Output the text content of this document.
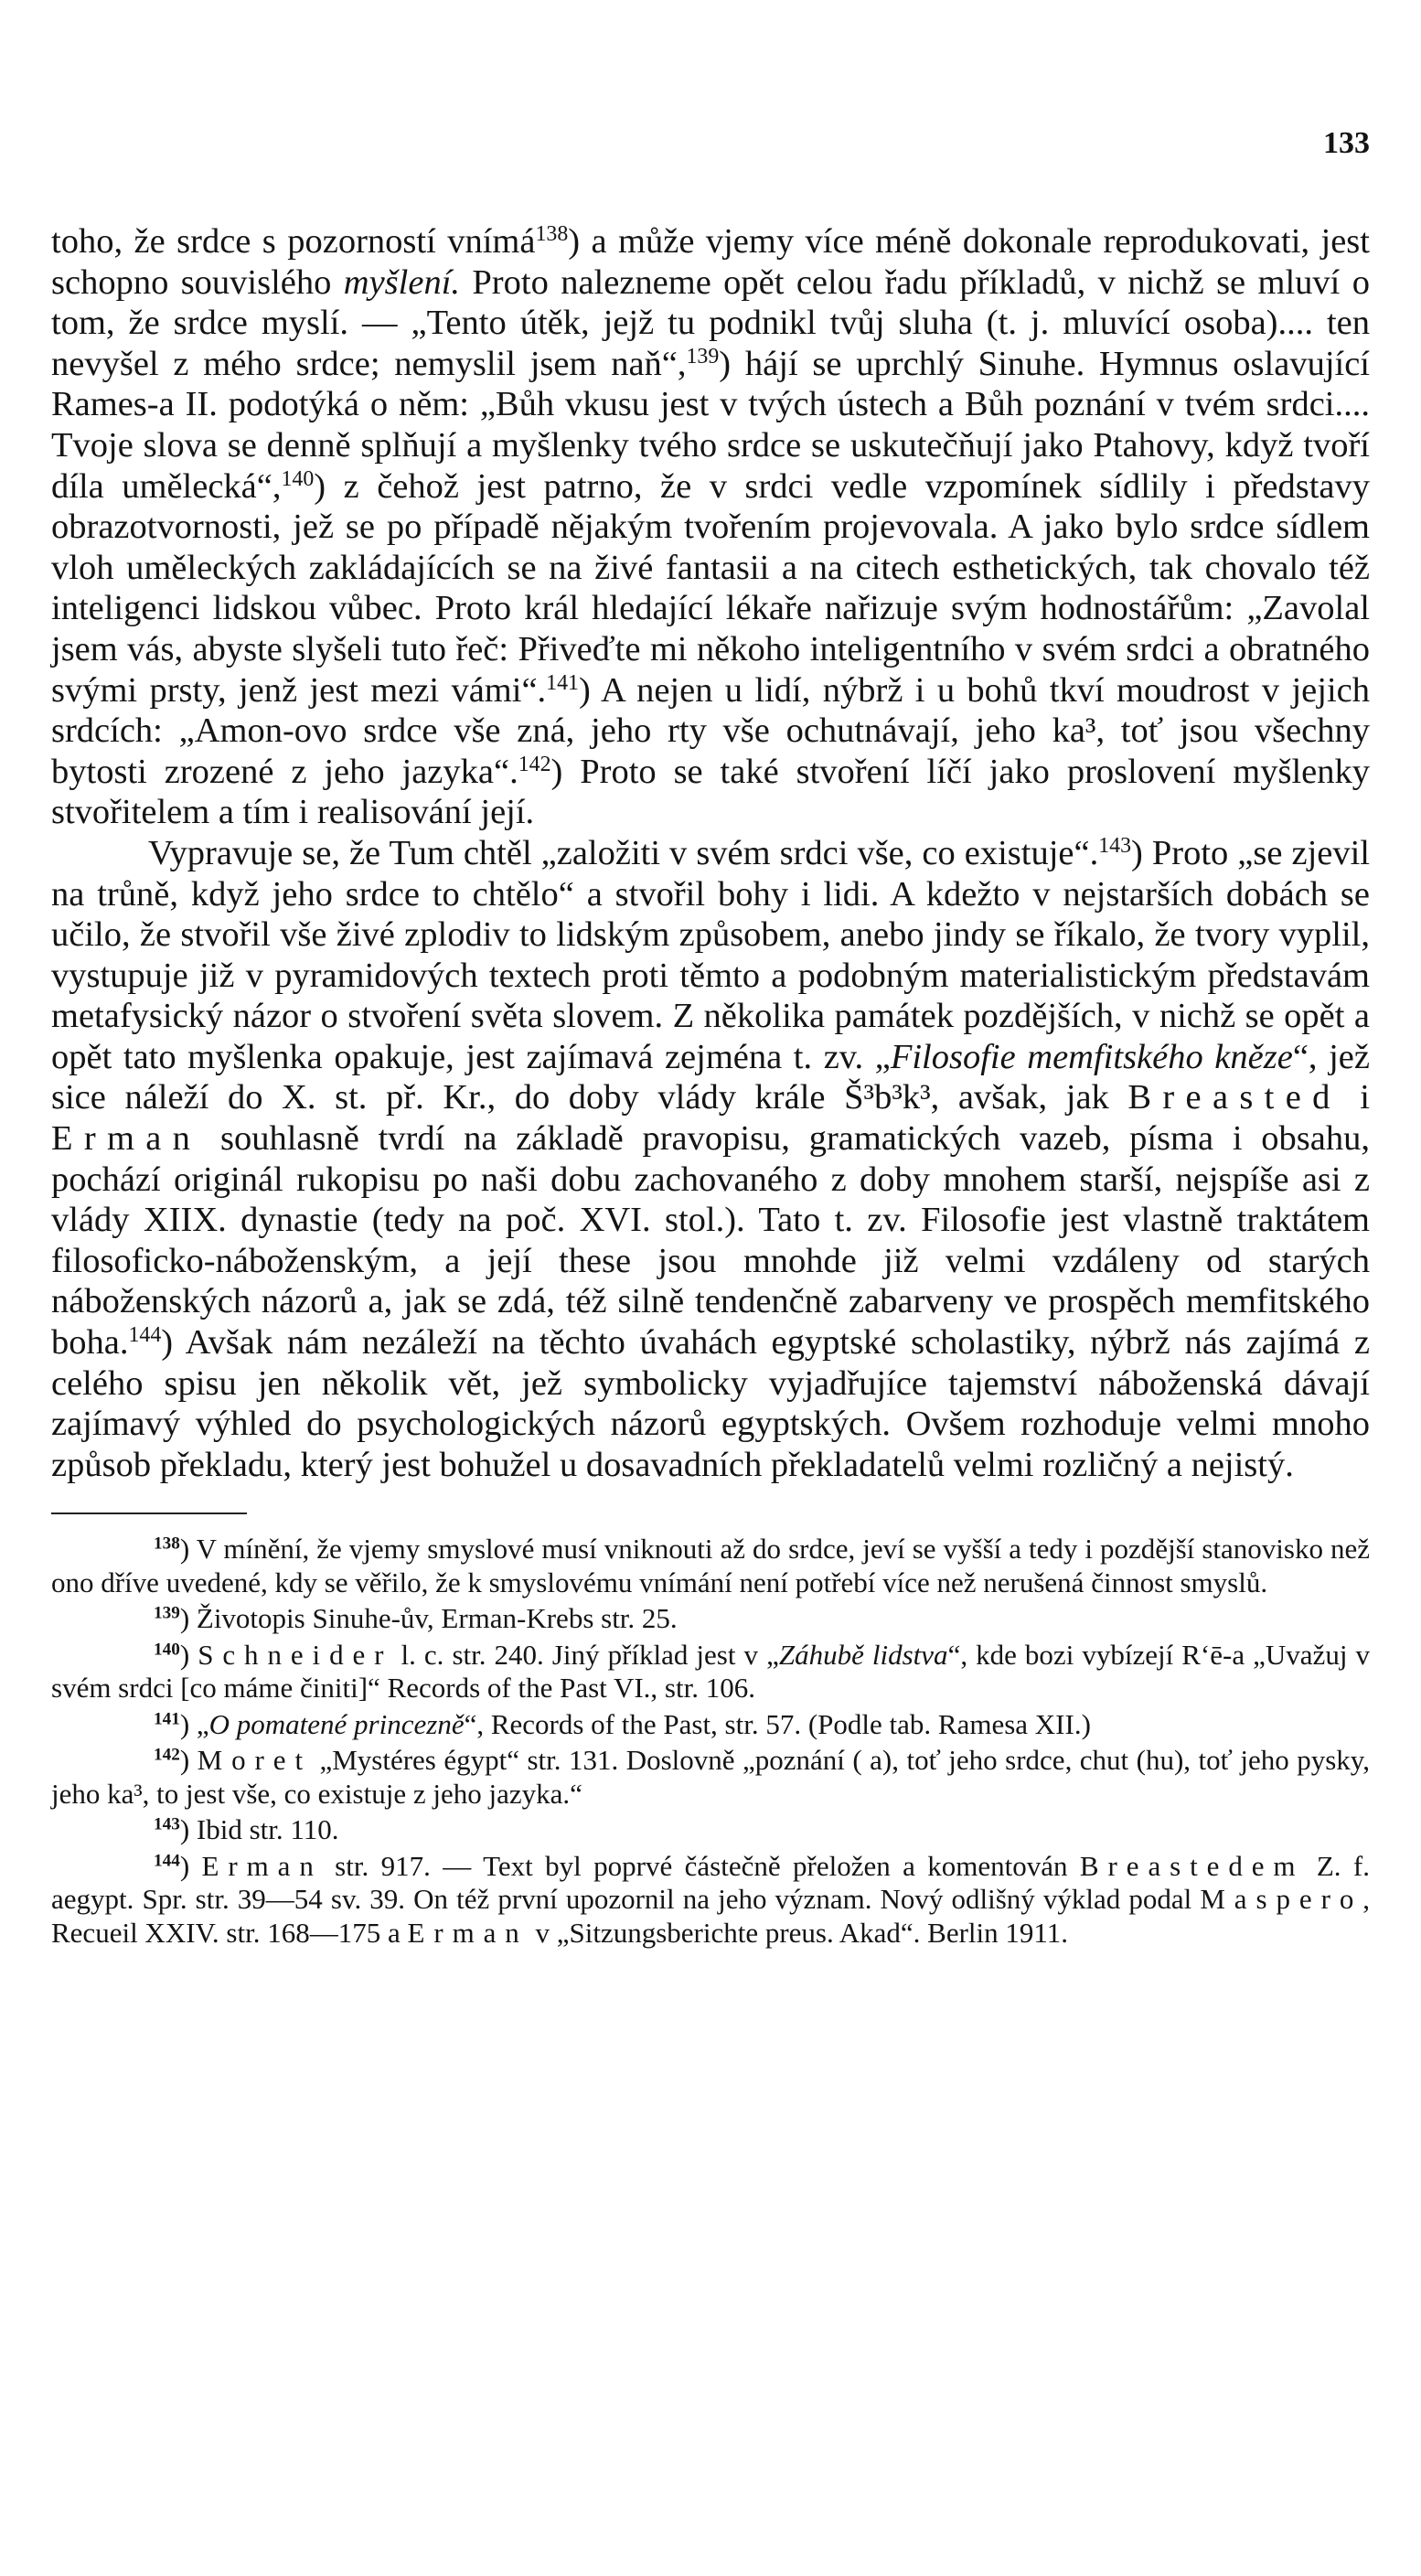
133

toho, že srdce s pozorností vnímá$^{138}$) a může vjemy více méně dokonale reprodukovati, jest schopno souvislého myšlení. Proto nalezneme opět celou řadu příkladů, v nichž se mluví o tom, že srdce myslí. — „Tento útěk, jejž tu podnikl tvůj sluha (t. j. mluvící osoba).... ten nevyšel z mého srdce; nemyslil jsem naň“,$^{139}$) hájí se uprchlý Sinuhe. Hymnus oslavující Rames-a II. podotýká o něm: „Bůh vkusu jest v tvých ústech a Bůh poznání v tvém srdci.... Tvoje slova se denně splňují a myšlenky tvého srdce se uskutečňují jako Ptahovy, když tvoří díla umělecká“,$^{140}$) z čehož jest patrno, že v srdci vedle vzpomínek sídlily i představy obrazotvornosti, jež se po případě nějakým tvořením projevovala. A jako bylo srdce sídlem vloh uměleckých zakládajících se na živé fantasii a na citech esthetických, tak chovalo též inteligenci lidskou vůbec. Proto král hledající lékaře nařizuje svým hodnostářům: „Zavolal jsem vás, abyste slyšeli tuto řeč: Přiveďte mi někoho inteligentního v svém srdci a obratného svými prsty, jenž jest mezi vámi“.$^{141}$) A nejen u lidí, nýbrž i u bohů tkví moudrost v jejich srdcích: „Amon-ovo srdce vše zná, jeho rty vše ochutnávají, jeho ka³, toť jsou všechny bytosti zrozené z jeho jazyka“.$^{142}$) Proto se také stvoření líčí jako proslovení myšlenky stvořitelem a tím i realisování její.

Vypravuje se, že Tum chtěl „založiti v svém srdci vše, co existuje“.$^{143}$) Proto „se zjevil na trůně, když jeho srdce to chtělo“ a stvořil bohy i lidi. A kdežto v nejstarších dobách se učilo, že stvořil vše živé zplodiv to lidským způsobem, anebo jindy se říkalo, že tvory vyplil, vystupuje již v pyramidových textech proti těmto a podobným materialistickým představám metafysický názor o stvoření světa slovem. Z několika památek pozdějších, v nichž se opět a opět tato myšlenka opakuje, jest zajímavá zejména t. zv. „Filosofie memfitského kněze“, jež sice náleží do X. st. př. Kr., do doby vlády krále Š³b³k³, avšak, jak Breasted i Erman souhlasně tvrdí na základě pravopisu, gramatických vazeb, písma i obsahu, pochází originál rukopisu po naši dobu zachovaného z doby mnohem starší, nejspíše asi z vlády XIIX. dynastie (tedy na poč. XVI. stol.). Tato t. zv. Filosofie jest vlastně traktátem filosoficko-náboženským, a její these jsou mnohde již velmi vzdáleny od starých náboženských názorů a, jak se zdá, též silně tendenčně zabarveny ve prospěch memfitského boha.$^{144}$) Avšak nám nezáleží na těchto úvahách egyptské scholastiky, nýbrž nás zajímá z celého spisu jen několik vět, jež symbolicky vyjadřujíce tajemství náboženská dávají zajímavý výhled do psychologických názorů egyptských. Ovšem rozhoduje velmi mnoho způsob překladu, který jest bohužel u dosavadních překladatelů velmi rozličný a nejistý.

$^{138}$) V mínění, že vjemy smyslové musí vniknouti až do srdce, jeví se vyšší a tedy i pozdější stanovisko než ono dříve uvedené, kdy se věřilo, že k smyslovému vnímání není potřebí více než nerušená činnost smyslů.

$^{139}$) Životopis Sinuhe-ův, Erman-Krebs str. 25.

$^{140}$) Schneider l. c. str. 240. Jiný příklad jest v „Záhubě lidstva“, kde bozi vybízejí R‘ē-a „Uvažuj v svém srdci [co máme činiti]“ Records of the Past VI., str. 106.

$^{141}$) „O pomatené princezně“, Records of the Past, str. 57. (Podle tab. Ramesa XII.)

$^{142}$) Moret „Mystéres égypt“ str. 131. Doslovně „poznání ( a), toť jeho srdce, chut (hu), toť jeho pysky, jeho ka³, to jest vše, co existuje z jeho jazyka.“

$^{143}$) Ibid str. 110.

$^{144}$) Erman str. 917. — Text byl poprvé částečně přeložen a komentován Breastedem Z. f. aegypt. Spr. str. 39—54 sv. 39. On též první upozornil na jeho význam. Nový odlišný výklad podal Maspero, Recueil XXIV. str. 168—175 a Erman v „Sitzungsberichte preus. Akad“. Berlin 1911.
